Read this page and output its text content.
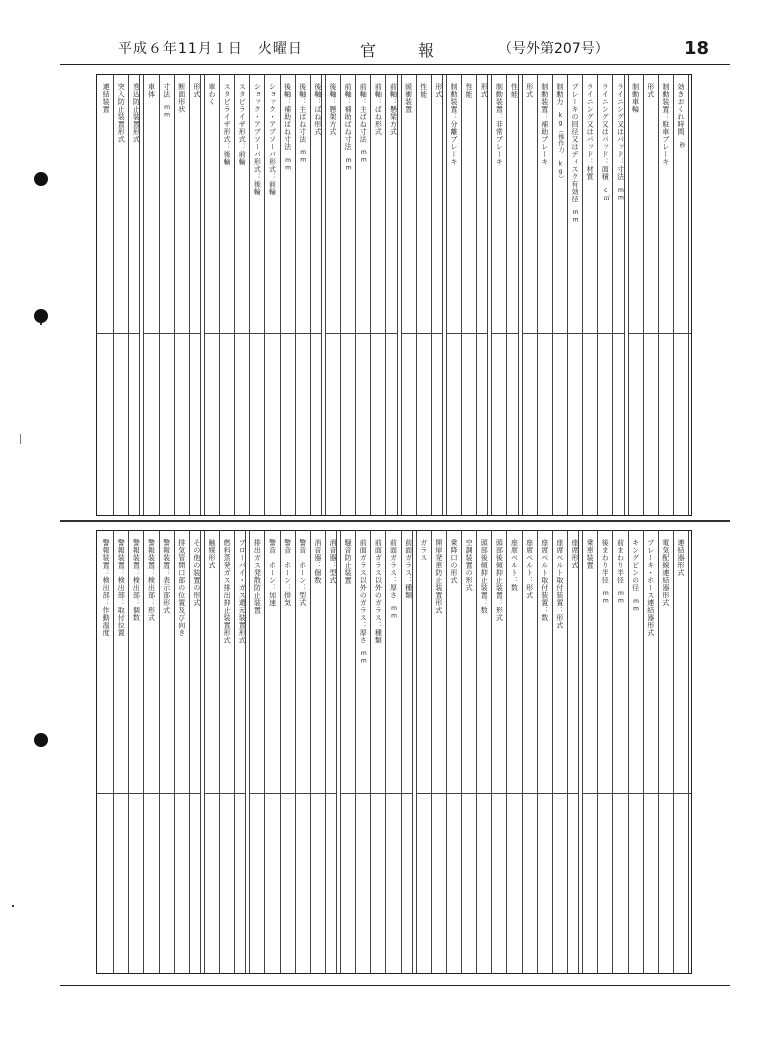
平成６年11月１日　火曜日	官	報	（号外第207号）	18
効きおくれ時間
秒
制動装置：駐車ブレーキ
形式
制動車輪
ライニング又はパッド：寸法
mm
ライニング又はパッド：面積
c㎡
ライニング又はパッド：材質
ブレーキの回径又はディスク有効径
mm
制動力
kg（操作力 kg）
制動装置：補助ブレーキ
形式
性能
制動装置：非常ブレーキ
形式
性能
制動装置：分離ブレーキ
形式
性能
緩衝装置
前軸：懸架方式
前軸：ばね形式
前軸：主ばね寸法
mm
前軸：補助ばね寸法
mm
後軸：懸架方式
後軸：ばね形式
後軸：主ばね寸法
mm
後軸：補助ばね寸法
mm
ショック・アブソーバ形式：前輪
ショック・アブソーバ形式：後輪
スタビライザ形式：前輪
スタビライザ形式：後輪
車わく
形式
断面形状
寸法
mm
車体
巻込防止装置形式
突入防止装置形式
連結装置
連結器形式
電気配線連結器形式
ブレーキ・ホース連結器形式
キングピンの径
mm
前まわり半径
mm
後まわり半径
mm
乗車装置
座席形式
座席ベルト取付装置：形式
座席ベルト取付装置：数
座席ベルト：形式
座席ベルト：数
頭部後傾抑止装置：形式
頭部後傾抑止装置：数
空調装置の形式
乗降口の形式
開扉発車防止装置形式
ガラス
前面ガラス：種類
前面ガラス：厚さ
mm
前面ガラス以外のガラス：種類
前面ガラス以外のガラス：厚さ
mm
騒音防止装置
消音器：型式
消音器：個数
警音　ホーン：型式
警音　ホーン：排気
警音　ホーン：加速
排出ガス発散防止装置
ブローバイ・ガス還元装置形式
燃料蒸発ガス排出抑止装置形式
触媒形式
その他の装置の形式
排気管開口部の位置及び向き
警報装置：表示部形式
警報装置：検出部：形式
警報装置：検出部：個数
警報装置：検出部：取付位置
警報装置：検出部：作動温度
